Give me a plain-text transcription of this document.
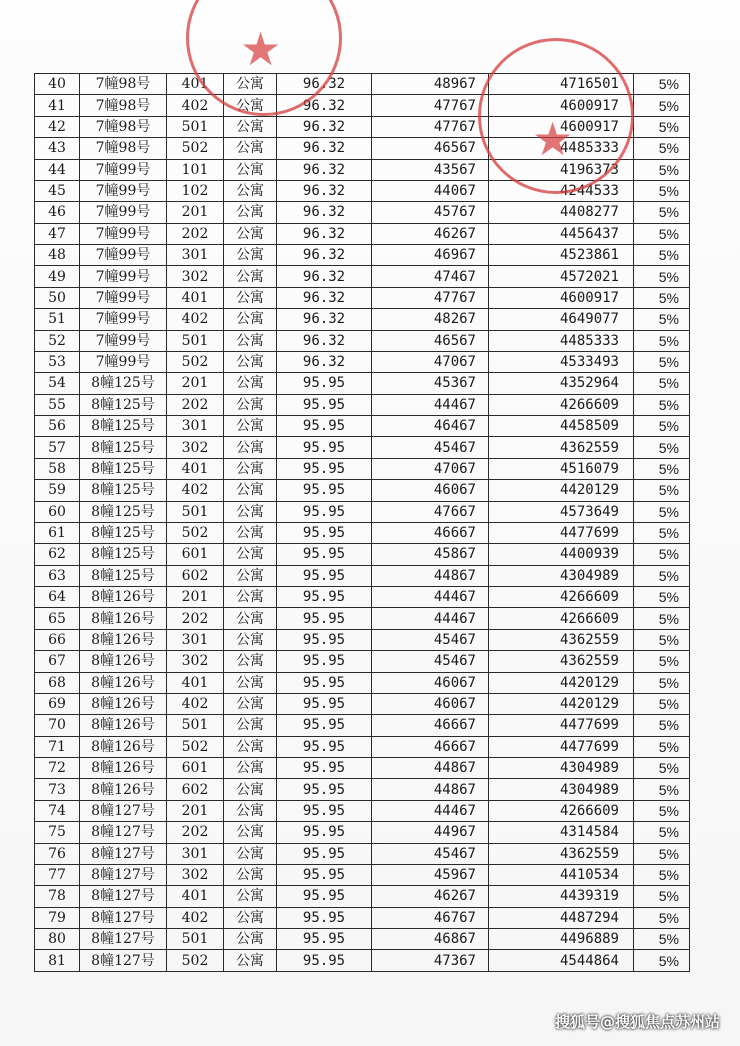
40	7幢98号	401	公寓	96.32	48967	4716501	5%
41	7幢98号	402	公寓	96.32	47767	4600917	5%
42	7幢98号	501	公寓	96.32	47767	4600917	5%
43	7幢98号	502	公寓	96.32	46567	4485333	5%
44	7幢99号	101	公寓	96.32	43567	4196373	5%
45	7幢99号	102	公寓	96.32	44067	4244533	5%
46	7幢99号	201	公寓	96.32	45767	4408277	5%
47	7幢99号	202	公寓	96.32	46267	4456437	5%
48	7幢99号	301	公寓	96.32	46967	4523861	5%
49	7幢99号	302	公寓	96.32	47467	4572021	5%
50	7幢99号	401	公寓	96.32	47767	4600917	5%
51	7幢99号	402	公寓	96.32	48267	4649077	5%
52	7幢99号	501	公寓	96.32	46567	4485333	5%
53	7幢99号	502	公寓	96.32	47067	4533493	5%
54	8幢125号	201	公寓	95.95	45367	4352964	5%
55	8幢125号	202	公寓	95.95	44467	4266609	5%
56	8幢125号	301	公寓	95.95	46467	4458509	5%
57	8幢125号	302	公寓	95.95	45467	4362559	5%
58	8幢125号	401	公寓	95.95	47067	4516079	5%
59	8幢125号	402	公寓	95.95	46067	4420129	5%
60	8幢125号	501	公寓	95.95	47667	4573649	5%
61	8幢125号	502	公寓	95.95	46667	4477699	5%
62	8幢125号	601	公寓	95.95	45867	4400939	5%
63	8幢125号	602	公寓	95.95	44867	4304989	5%
64	8幢126号	201	公寓	95.95	44467	4266609	5%
65	8幢126号	202	公寓	95.95	44467	4266609	5%
66	8幢126号	301	公寓	95.95	45467	4362559	5%
67	8幢126号	302	公寓	95.95	45467	4362559	5%
68	8幢126号	401	公寓	95.95	46067	4420129	5%
69	8幢126号	402	公寓	95.95	46067	4420129	5%
70	8幢126号	501	公寓	95.95	46667	4477699	5%
71	8幢126号	502	公寓	95.95	46667	4477699	5%
72	8幢126号	601	公寓	95.95	44867	4304989	5%
73	8幢126号	602	公寓	95.95	44867	4304989	5%
74	8幢127号	201	公寓	95.95	44467	4266609	5%
75	8幢127号	202	公寓	95.95	44967	4314584	5%
76	8幢127号	301	公寓	95.95	45467	4362559	5%
77	8幢127号	302	公寓	95.95	45967	4410534	5%
78	8幢127号	401	公寓	95.95	46267	4439319	5%
79	8幢127号	402	公寓	95.95	46767	4487294	5%
80	8幢127号	501	公寓	95.95	46867	4496889	5%
81	8幢127号	502	公寓	95.95	47367	4544864	5%
★
★
搜狐号@搜狐焦点苏州站
